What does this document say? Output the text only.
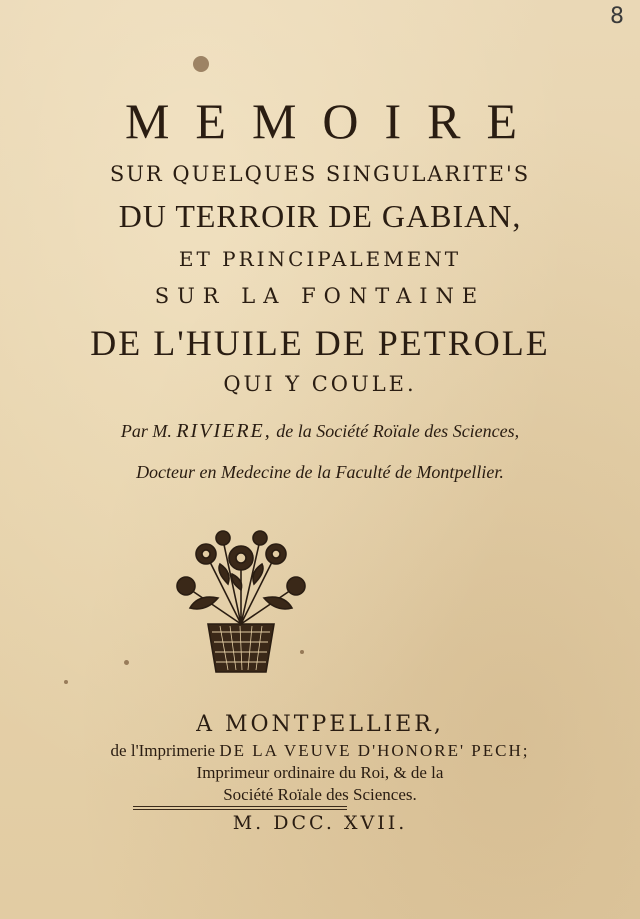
8
MEMOIRE
SUR QUELQUES SINGULARITE'S
DU TERROIR DE GABIAN,
ET PRINCIPALEMENT
SUR LA FONTAINE
DE L'HUILE DE PETROLE
QUI Y COULE.
Par M. RIVIERE, de la Société Roïale des Sciences,
Docteur en Medecine de la Faculté de Montpellier.
A MONTPELLIER,
de l'Imprimerie DE LA VEUVE D'HONORE' PECH;
Imprimeur ordinaire du Roi, & de la
Société Roïale des Sciences.
M. DCC. XVII.
